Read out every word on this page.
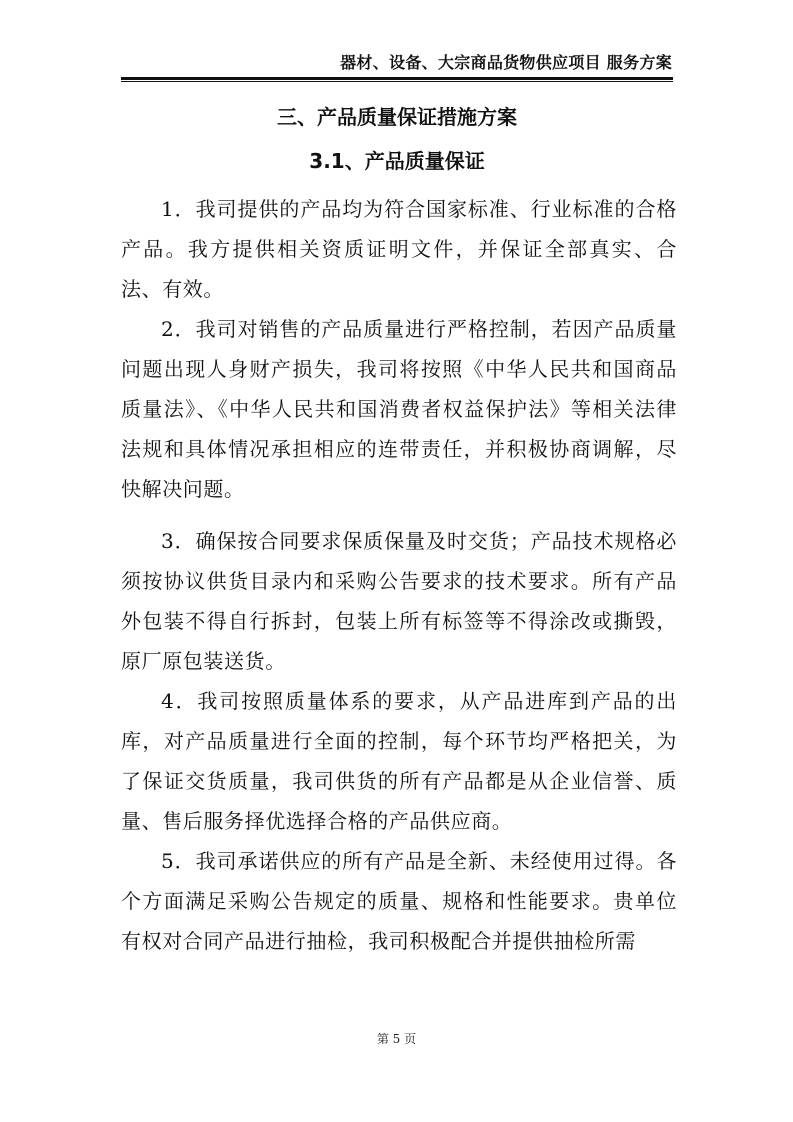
器材、设备、大宗商品货物供应项目 服务方案
三、产品质量保证措施方案
3.1、产品质量保证

1．我司提供的产品均为符合国家标准、行业标准的合格产品。我方提供相关资质证明文件，并保证全部真实、合法、有效。

2．我司对销售的产品质量进行严格控制，若因产品质量问题出现人身财产损失，我司将按照《中华人民共和国商品质量法》、《中华人民共和国消费者权益保护法》等相关法律法规和具体情况承担相应的连带责任，并积极协商调解，尽快解决问题。

3．确保按合同要求保质保量及时交货；产品技术规格必须按协议供货目录内和采购公告要求的技术要求。所有产品外包装不得自行拆封，包装上所有标签等不得涂改或撕毁，原厂原包装送货。

4．我司按照质量体系的要求，从产品进库到产品的出库，对产品质量进行全面的控制，每个环节均严格把关，为了保证交货质量，我司供货的所有产品都是从企业信誉、质量、售后服务择优选择合格的产品供应商。

5．我司承诺供应的所有产品是全新、未经使用过得。各个方面满足采购公告规定的质量、规格和性能要求。贵单位有权对合同产品进行抽检，我司积极配合并提供抽检所需

第 5 页
